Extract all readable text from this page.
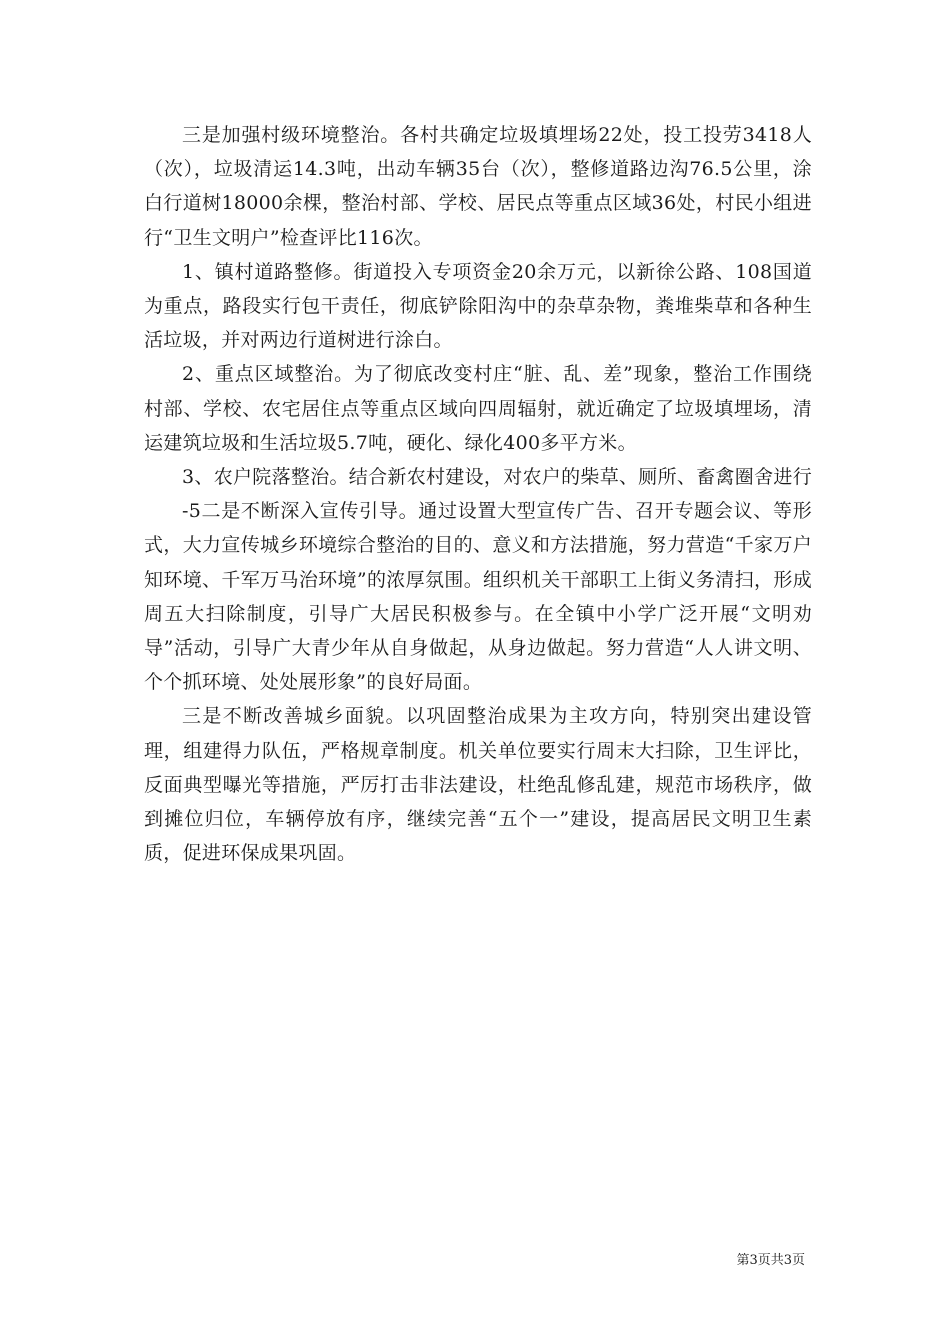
三是加强村级环境整治。各村共确定垃圾填埋场22处，投工投劳3418人（次），垃圾清运14.3吨，出动车辆35台（次），整修道路边沟76.5公里，涂白行道树18000余棵，整治村部、学校、居民点等重点区域36处，村民小组进行“卫生文明户”检查评比116次。

1、镇村道路整修。街道投入专项资金20余万元，以新徐公路、108国道为重点，路段实行包干责任，彻底铲除阳沟中的杂草杂物，粪堆柴草和各种生活垃圾，并对两边行道树进行涂白。

2、重点区域整治。为了彻底改变村庄“脏、乱、差”现象，整治工作围绕村部、学校、农宅居住点等重点区域向四周辐射，就近确定了垃圾填埋场，清运建筑垃圾和生活垃圾5.7吨，硬化、绿化400多平方米。

3、农户院落整治。结合新农村建设，对农户的柴草、厕所、畜禽圈舍进行

-5二是不断深入宣传引导。通过设置大型宣传广告、召开专题会议、等形式，大力宣传城乡环境综合整治的目的、意义和方法措施，努力营造“千家万户知环境、千军万马治环境”的浓厚氛围。组织机关干部职工上街义务清扫，形成周五大扫除制度，引导广大居民积极参与。在全镇中小学广泛开展“文明劝导”活动，引导广大青少年从自身做起，从身边做起。努力营造“人人讲文明、个个抓环境、处处展形象”的良好局面。

三是不断改善城乡面貌。以巩固整治成果为主攻方向，特别突出建设管理，组建得力队伍，严格规章制度。机关单位要实行周末大扫除，卫生评比，反面典型曝光等措施，严厉打击非法建设，杜绝乱修乱建，规范市场秩序，做到摊位归位，车辆停放有序，继续完善“五个一”建设，提高居民文明卫生素质，促进环保成果巩固。

第3页共3页
